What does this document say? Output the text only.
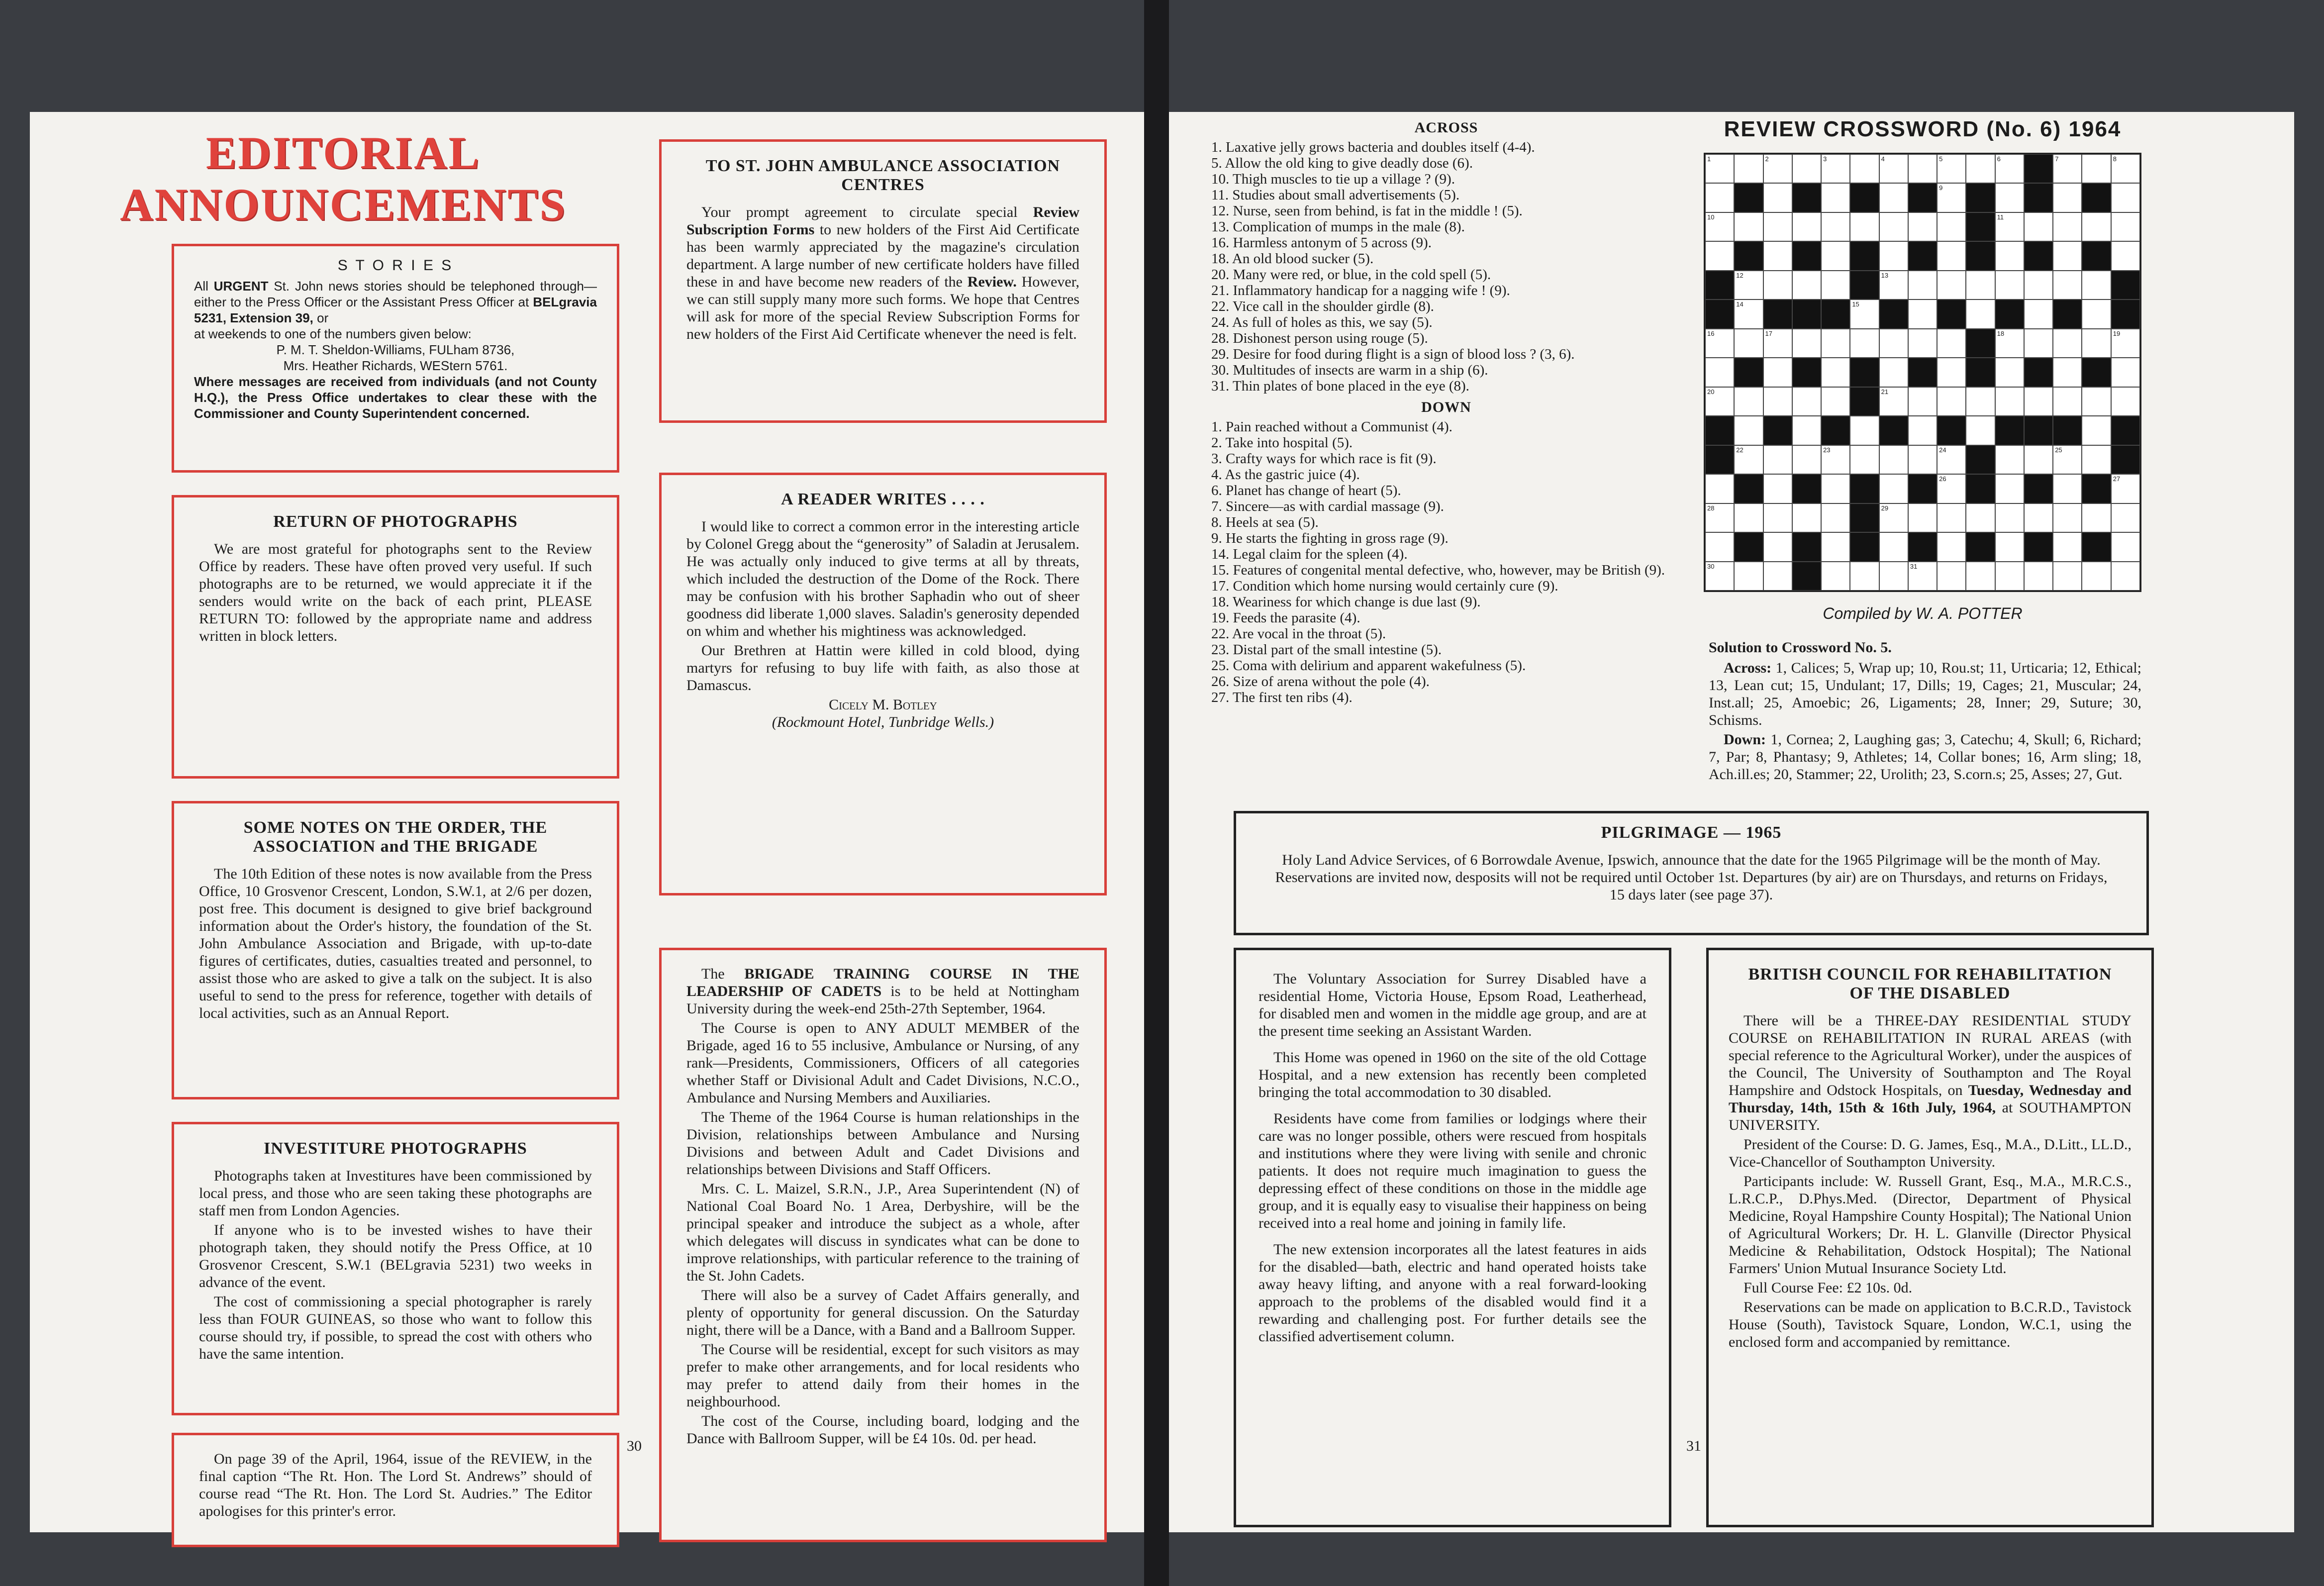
EDITORIAL
ANNOUNCEMENTS
S T O R I E S
All URGENT St. John news stories should be telephoned through—either to the Press Officer or the Assistant Press Officer at BELgravia 5231, Extension 39, or
at weekends to one of the numbers given below:
P. M. T. Sheldon-Williams, FULham 8736,
Mrs. Heather Richards, WEStern 5761.
Where messages are received from individuals (and not County H.Q.), the Press Office undertakes to clear these with the Commissioner and County Superintendent concerned.
RETURN OF PHOTOGRAPHS
We are most grateful for photographs sent to the Review Office by readers. These have often proved very useful. If such photographs are to be returned, we would appreciate it if the senders would write on the back of each print, PLEASE RETURN TO: followed by the appropriate name and address written in block letters.
SOME NOTES ON THE ORDER, THE
ASSOCIATION and THE BRIGADE
The 10th Edition of these notes is now available from the Press Office, 10 Grosvenor Crescent, London, S.W.1, at 2/6 per dozen, post free. This document is designed to give brief background information about the Order's history, the foundation of the St. John Ambulance Association and Brigade, with up-to-date figures of certificates, duties, casualties treated and personnel, to assist those who are asked to give a talk on the subject. It is also useful to send to the press for reference, together with details of local activities, such as an Annual Report.
INVESTITURE PHOTOGRAPHS
Photographs taken at Investitures have been commissioned by local press, and those who are seen taking these photographs are staff men from London Agencies.
If anyone who is to be invested wishes to have their photograph taken, they should notify the Press Office, at 10 Grosvenor Crescent, S.W.1 (BELgravia 5231) two weeks in advance of the event.
The cost of commissioning a special photographer is rarely less than FOUR GUINEAS, so those who want to follow this course should try, if possible, to spread the cost with others who have the same intention.
On page 39 of the April, 1964, issue of the REVIEW, in the final caption “The Rt. Hon. The Lord St. Andrews” should of course read “The Rt. Hon. The Lord St. Audries.” The Editor apologises for this printer's error.
TO ST. JOHN AMBULANCE ASSOCIATION
CENTRES
Your prompt agreement to circulate special Review Subscription Forms to new holders of the First Aid Certificate has been warmly appreciated by the magazine's circulation department. A large number of new certificate holders have filled these in and have become new readers of the Review. However, we can still supply many more such forms. We hope that Centres will ask for more of the special Review Subscription Forms for new holders of the First Aid Certificate whenever the need is felt.
A READER WRITES . . . .
I would like to correct a common error in the interesting article by Colonel Gregg about the “generosity” of Saladin at Jerusalem. He was actually only induced to give terms at all by threats, which included the destruction of the Dome of the Rock. There may be confusion with his brother Saphadin who out of sheer goodness did liberate 1,000 slaves. Saladin's generosity depended on whim and whether his mightiness was acknowledged.
Our Brethren at Hattin were killed in cold blood, dying martyrs for refusing to buy life with faith, as also those at Damascus.
Cicely M. Botley
(Rockmount Hotel, Tunbridge Wells.)
The BRIGADE TRAINING COURSE IN THE LEADERSHIP OF CADETS is to be held at Nottingham University during the week-end 25th-27th September, 1964.
The Course is open to ANY ADULT MEMBER of the Brigade, aged 16 to 55 inclusive, Ambulance or Nursing, of any rank—Presidents, Commissioners, Officers of all categories whether Staff or Divisional Adult and Cadet Divisions, N.C.O., Ambulance and Nursing Members and Auxiliaries.
The Theme of the 1964 Course is human relationships in the Division, relationships between Ambulance and Nursing Divisions and between Adult and Cadet Divisions and relationships between Divisions and Staff Officers.
Mrs. C. L. Maizel, S.R.N., J.P., Area Superintendent (N) of National Coal Board No. 1 Area, Derbyshire, will be the principal speaker and introduce the subject as a whole, after which delegates will discuss in syndicates what can be done to improve relationships, with particular reference to the training of the St. John Cadets.
There will also be a survey of Cadet Affairs generally, and plenty of opportunity for general discussion. On the Saturday night, there will be a Dance, with a Band and a Ballroom Supper.
The Course will be residential, except for such visitors as may prefer to make other arrangements, and for local residents who may prefer to attend daily from their homes in the neighbourhood.
The cost of the Course, including board, lodging and the Dance with Ballroom Supper, will be £4 10s. 0d. per head.
30
ACROSS
1. Laxative jelly grows bacteria and doubles itself (4-4).
5. Allow the old king to give deadly dose (6).
10. Thigh muscles to tie up a village ? (9).
11. Studies about small advertisements (5).
12. Nurse, seen from behind, is fat in the middle ! (5).
13. Complication of mumps in the male (8).
16. Harmless antonym of 5 across (9).
18. An old blood sucker (5).
20. Many were red, or blue, in the cold spell (5).
21. Inflammatory handicap for a nagging wife ! (9).
22. Vice call in the shoulder girdle (8).
24. As full of holes as this, we say (5).
28. Dishonest person using rouge (5).
29. Desire for food during flight is a sign of blood loss ? (3, 6).
30. Multitudes of insects are warm in a ship (6).
31. Thin plates of bone placed in the eye (8).
DOWN
1. Pain reached without a Communist (4).
2. Take into hospital (5).
3. Crafty ways for which race is fit (9).
4. As the gastric juice (4).
6. Planet has change of heart (5).
7. Sincere—as with cardial massage (9).
8. Heels at sea (5).
9. He starts the fighting in gross rage (9).
14. Legal claim for the spleen (4).
15. Features of congenital mental defective, who, however, may be British (9).
17. Condition which home nursing would certainly cure (9).
18. Weariness for which change is due last (9).
19. Feeds the parasite (4).
22. Are vocal in the throat (5).
23. Distal part of the small intestine (5).
25. Coma with delirium and apparent wakefulness (5).
26. Size of arena without the pole (4).
27. The first ten ribs (4).
REVIEW CROSSWORD (No. 6) 1964
1	2	3	4	5	6	7	8
9
10	11
12	13
14	15
16	17	18	19
20	21
22	23	24	25
26	27
28	29
30	31
Compiled by W. A. POTTER
Solution to Crossword No. 5.
Across: 1, Calices; 5, Wrap up; 10, Rou.st; 11, Urticaria; 12, Ethical; 13, Lean cut; 15, Undulant; 17, Dills; 19, Cages; 21, Muscular; 24, Inst.all; 25, Amoebic; 26, Ligaments; 28, Inner; 29, Suture; 30, Schisms.
Down: 1, Cornea; 2, Laughing gas; 3, Catechu; 4, Skull; 6, Richard; 7, Par; 8, Phantasy; 9, Athletes; 14, Collar bones; 16, Arm sling; 18, Ach.ill.es; 20, Stammer; 22, Urolith; 23, S.corn.s; 25, Asses; 27, Gut.
PILGRIMAGE — 1965
Holy Land Advice Services, of 6 Borrowdale Avenue, Ipswich, announce that the date for the 1965 Pilgrimage will be the month of May. Reservations are invited now, desposits will not be required until October 1st. Departures (by air) are on Thursdays, and returns on Fridays, 15 days later (see page 37).
The Voluntary Association for Surrey Disabled have a residential Home, Victoria House, Epsom Road, Leatherhead, for disabled men and women in the middle age group, and are at the present time seeking an Assistant Warden.
This Home was opened in 1960 on the site of the old Cottage Hospital, and a new extension has recently been completed bringing the total accommodation to 30 disabled.
Residents have come from families or lodgings where their care was no longer possible, others were rescued from hospitals and institutions where they were living with senile and chronic patients. It does not require much imagination to guess the depressing effect of these conditions on those in the middle age group, and it is equally easy to visualise their happiness on being received into a real home and joining in family life.
The new extension incorporates all the latest features in aids for the disabled—bath, electric and hand operated hoists take away heavy lifting, and anyone with a real forward-looking approach to the problems of the disabled would find it a rewarding and challenging post. For further details see the classified advertisement column.
BRITISH COUNCIL FOR REHABILITATION
OF THE DISABLED
There will be a THREE-DAY RESIDENTIAL STUDY COURSE on REHABILITATION IN RURAL AREAS (with special reference to the Agricultural Worker), under the auspices of the Council, The University of Southampton and The Royal Hampshire and Odstock Hospitals, on Tuesday, Wednesday and Thursday, 14th, 15th & 16th July, 1964, at SOUTHAMPTON UNIVERSITY.
President of the Course: D. G. James, Esq., M.A., D.Litt., LL.D., Vice-Chancellor of Southampton University.
Participants include: W. Russell Grant, Esq., M.A., M.R.C.S., L.R.C.P., D.Phys.Med. (Director, Department of Physical Medicine, Royal Hampshire County Hospital); The National Union of Agricultural Workers; Dr. H. L. Glanville (Director Physical Medicine & Rehabilitation, Odstock Hospital); The National Farmers' Union Mutual Insurance Society Ltd.
Full Course Fee: £2 10s. 0d.
Reservations can be made on application to B.C.R.D., Tavistock House (South), Tavistock Square, London, W.C.1, using the enclosed form and accompanied by remittance.
31
